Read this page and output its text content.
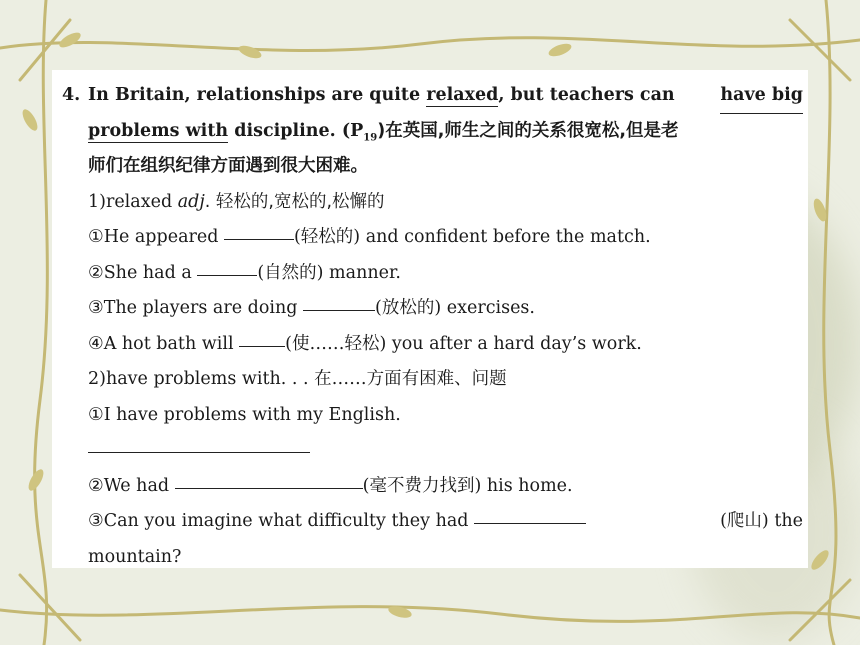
4. In Britain, relationships are quite relaxed, but teachers can	have big
problems with discipline. $(P_{19})$在英国,师生之间的关系很宽松,但是老
师们在组织纪律方面遇到很大困难。
1)relaxed adj. 轻松的,宽松的,松懈的
①He appeared	(轻松的) and confident before the match.
②She had a	(自然的) manner.
③The players are doing	(放松的) exercises.
④A hot bath will	(使……轻松) you after a hard day’s work.
2)have problems with. . . 在……方面有困难、问题
①I have problems with my English.
②We had	(毫不费力找到) his home.
③Can you imagine what difficulty they had	(爬山) the
mountain?
